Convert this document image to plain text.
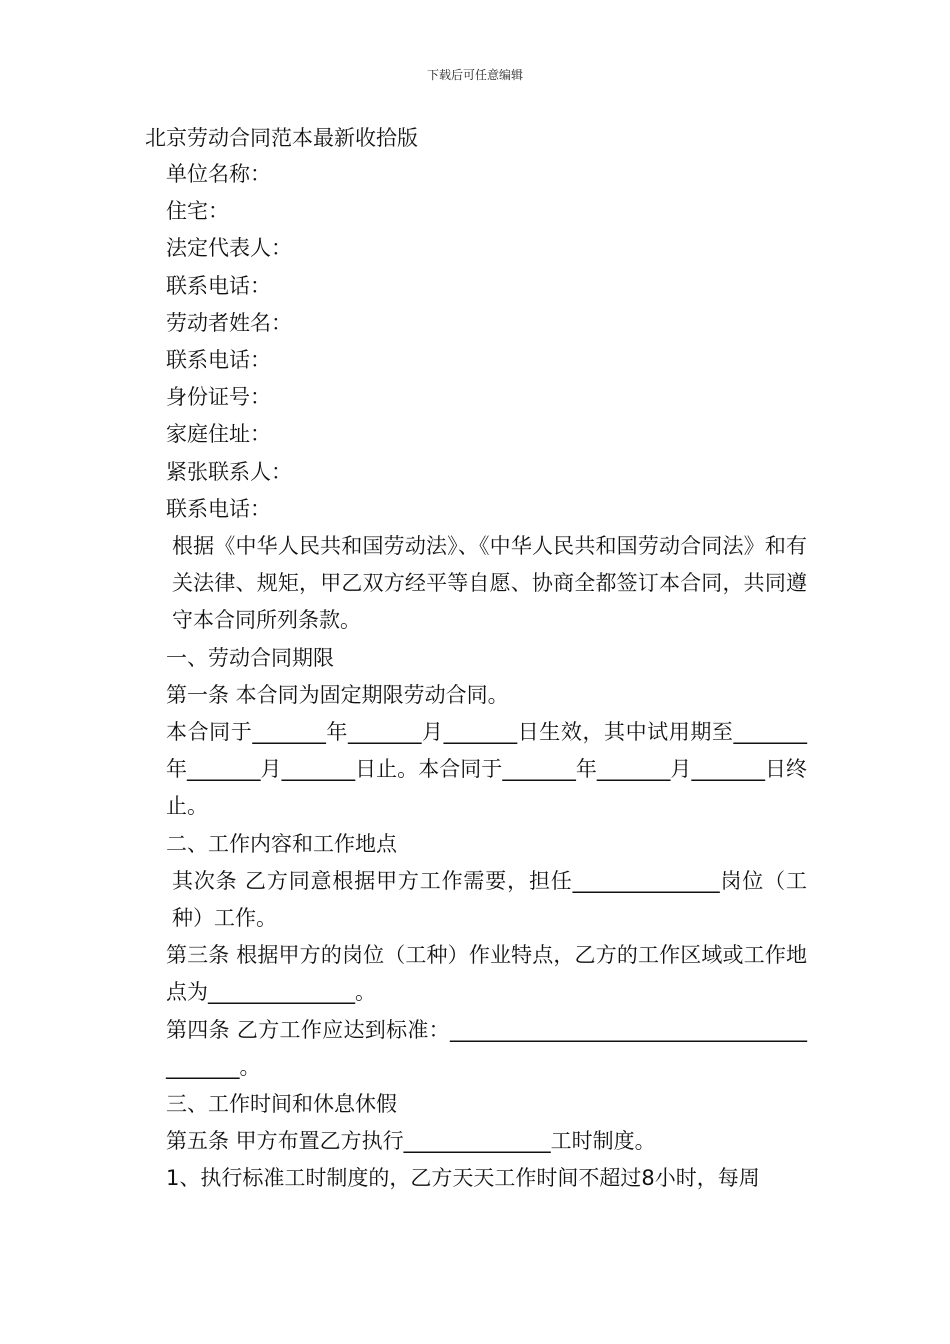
下载后可任意编辑

北京劳动合同范本最新收拾版

单位名称：

住宅：

法定代表人：

联系电话：

劳动者姓名：

联系电话：

身份证号：

家庭住址：

紧张联系人：

联系电话：

根据《中华人民共和国劳动法》、《中华人民共和国劳动合同法》和有关法律、规矩，甲乙双方经平等自愿、协商全都签订本合同，共同遵守本合同所列条款。

一、劳动合同期限

第一条 本合同为固定期限劳动合同。

本合同于_______年_______月_______日生效，其中试用期至_______年_______月_______日止。本合同于_______年_______月_______日终止。

二、工作内容和工作地点

其次条 乙方同意根据甲方工作需要，担任______________岗位（工种）工作。

第三条 根据甲方的岗位（工种）作业特点，乙方的工作区域或工作地点为______________。

第四条 乙方工作应达到标准：_________________________________________。

三、工作时间和休息休假

第五条 甲方布置乙方执行______________工时制度。

1、执行标准工时制度的，乙方天天工作时间不超过8小时，每周
